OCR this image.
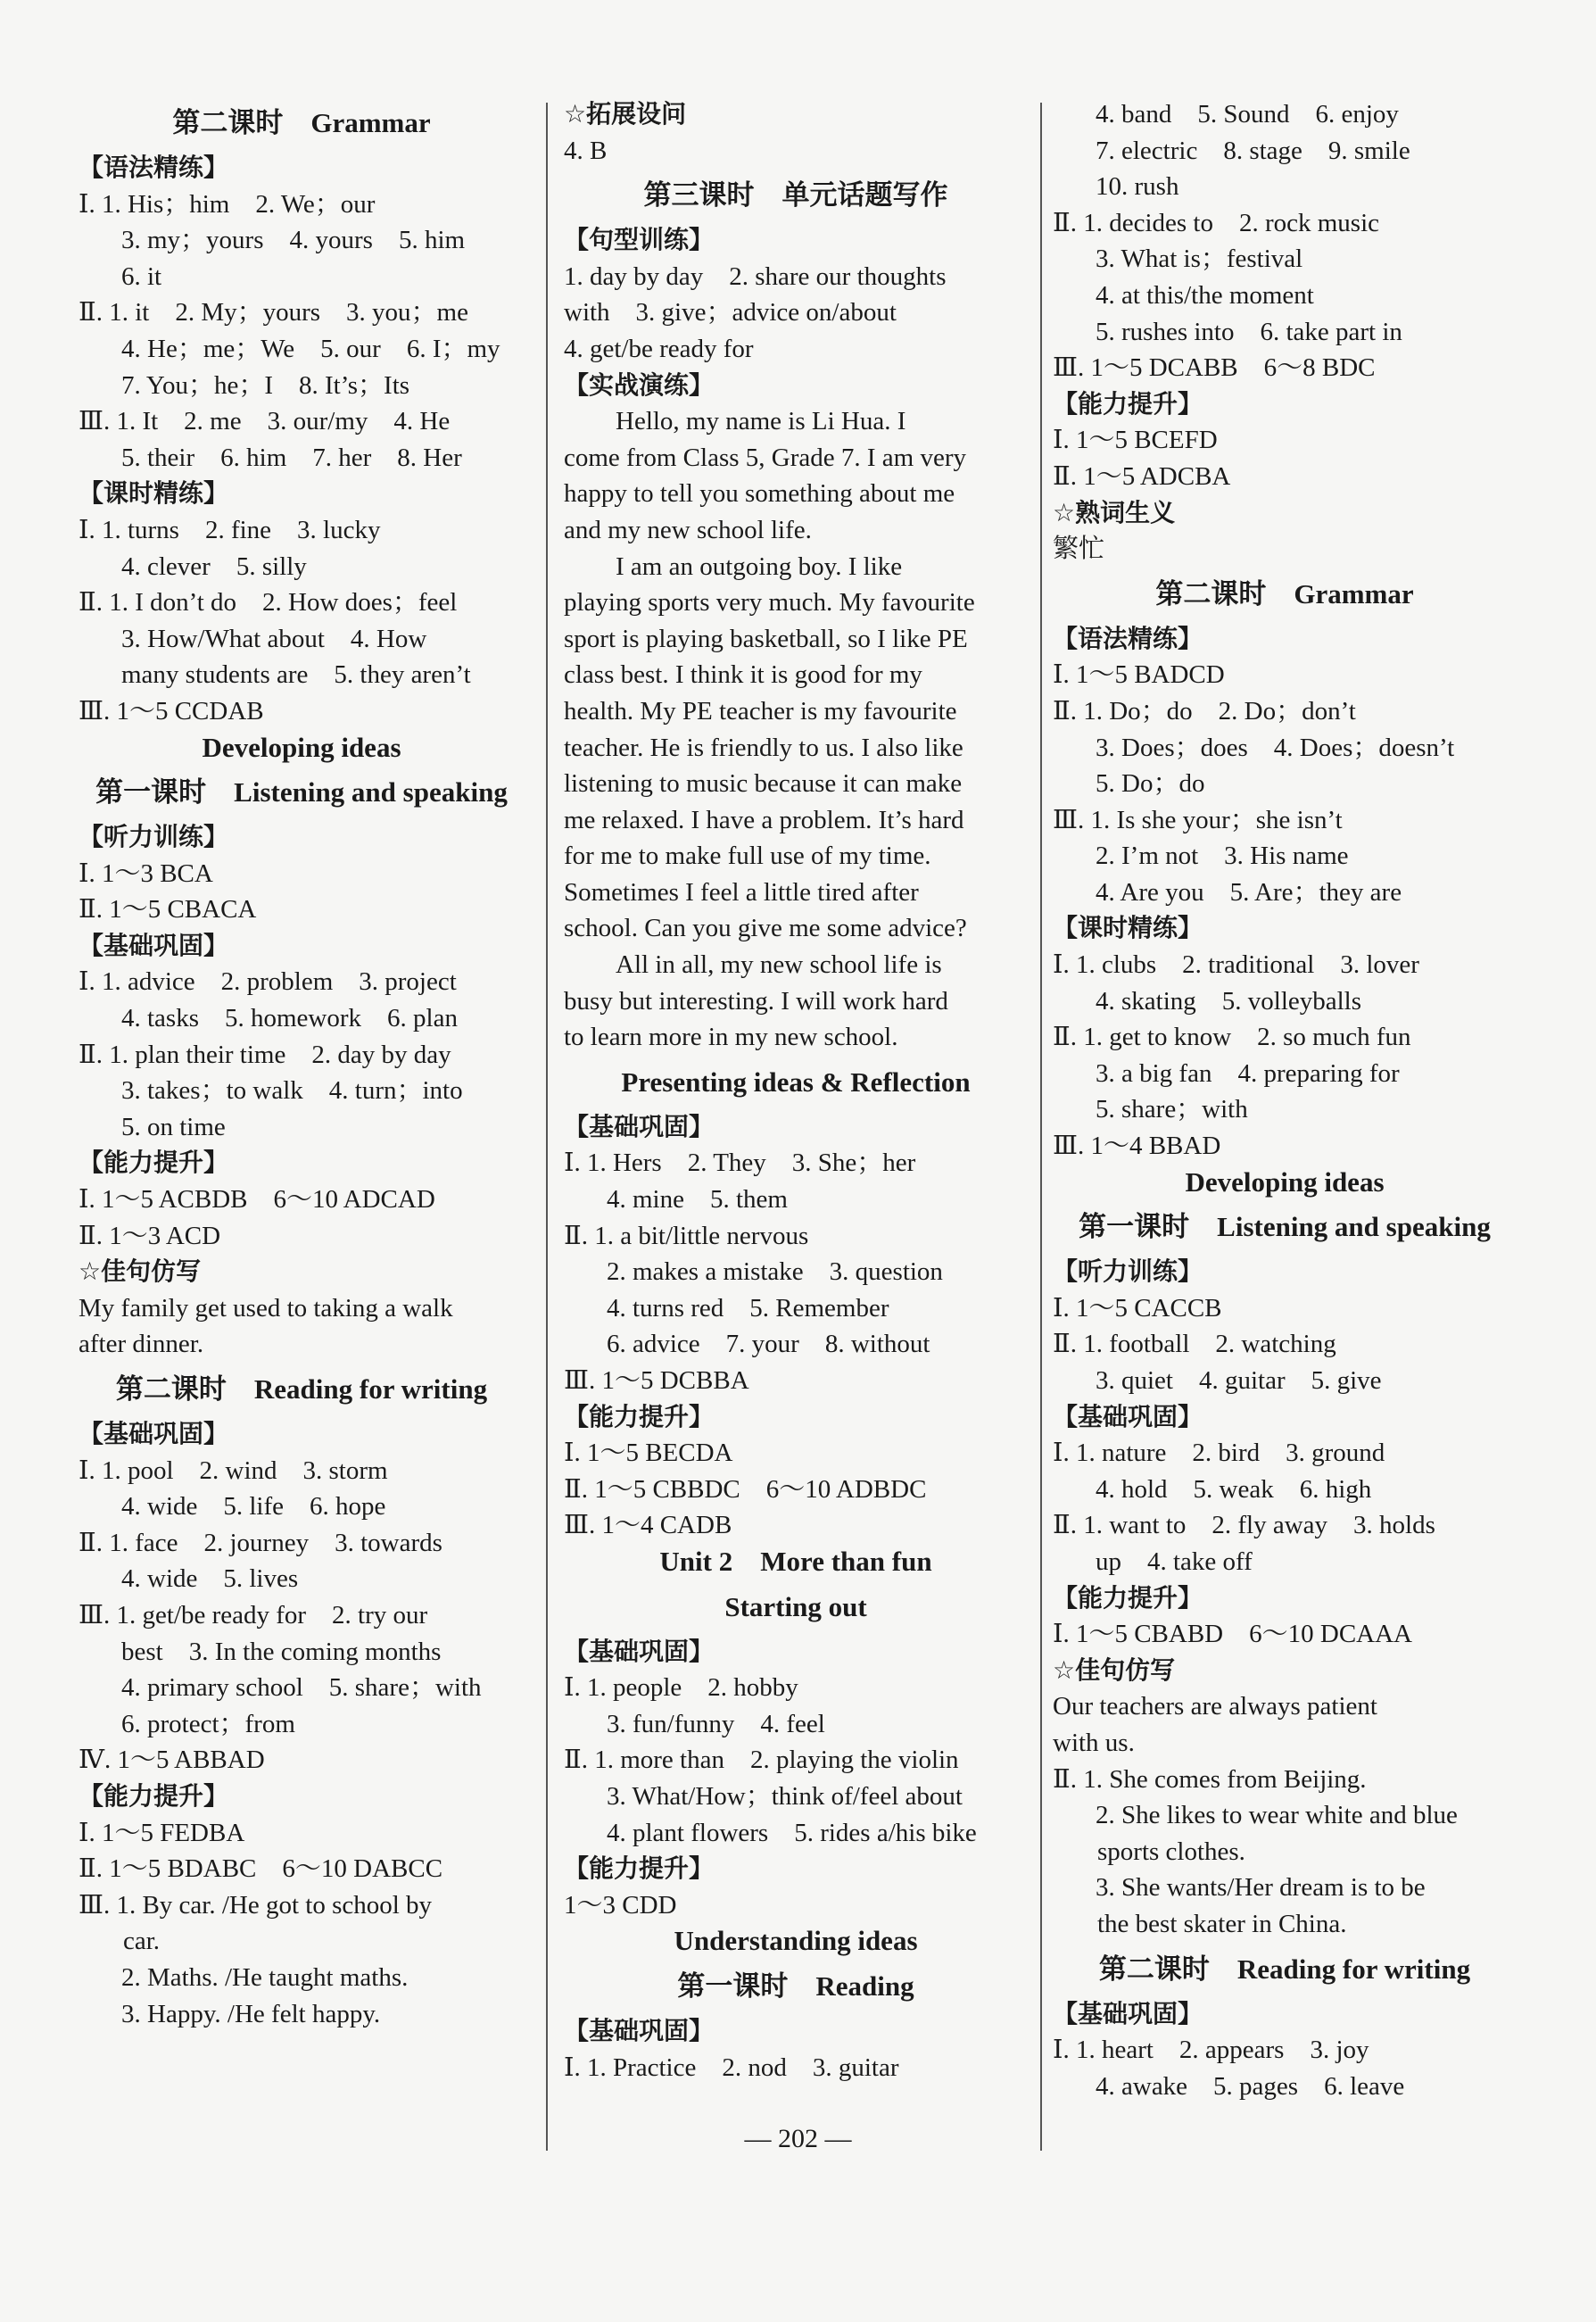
第二课时　Grammar
【语法精练】
Ⅰ. 1. His；him　2. We；our
3. my；yours　4. yours　5. him
6. it
Ⅱ. 1. it　2. My；yours　3. you；me
4. He；me；We　5. our　6. I；my
7. You；he；I　8. It’s；Its
Ⅲ. 1. It　2. me　3. our/my　4. He
5. their　6. him　7. her　8. Her
【课时精练】
Ⅰ. 1. turns　2. fine　3. lucky
4. clever　5. silly
Ⅱ. 1. I don’t do　2. How does；feel
3. How/What about　4. How
many students are　5. they aren’t
Ⅲ. 1～5 CCDAB
Developing ideas
第一课时　Listening and speaking
【听力训练】
Ⅰ. 1～3 BCA
Ⅱ. 1～5 CBACA
【基础巩固】
Ⅰ. 1. advice　2. problem　3. project
4. tasks　5. homework　6. plan
Ⅱ. 1. plan their time　2. day by day
3. takes；to walk　4. turn；into
5. on time
【能力提升】
Ⅰ. 1～5 ACBDB　6～10 ADCAD
Ⅱ. 1～3 ACD
☆佳句仿写
My family get used to taking a walk
after dinner.
第二课时　Reading for writing
【基础巩固】
Ⅰ. 1. pool　2. wind　3. storm
4. wide　5. life　6. hope
Ⅱ. 1. face　2. journey　3. towards
4. wide　5. lives
Ⅲ. 1. get/be ready for　2. try our
best　3. In the coming months
4. primary school　5. share；with
6. protect；from
Ⅳ. 1～5 ABBAD
【能力提升】
Ⅰ. 1～5 FEDBA
Ⅱ. 1～5 BDABC　6～10 DABCC
Ⅲ. 1. By car. /He got to school by
car.
2. Maths. /He taught maths.
3. Happy. /He felt happy.
☆拓展设问
4. B
第三课时　单元话题写作
【句型训练】
1. day by day　2. share our thoughts
with　3. give；advice on/about
4. get/be ready for
【实战演练】
　　Hello, my name is Li Hua. I
come from Class 5, Grade 7. I am very
happy to tell you something about me
and my new school life.
　　I am an outgoing boy. I like
playing sports very much. My favourite
sport is playing basketball, so I like PE
class best. I think it is good for my
health. My PE teacher is my favourite
teacher. He is friendly to us. I also like
listening to music because it can make
me relaxed. I have a problem. It’s hard
for me to make full use of my time.
Sometimes I feel a little tired after
school. Can you give me some advice?
　　All in all, my new school life is
busy but interesting. I will work hard
to learn more in my new school.
Presenting ideas & Reflection
【基础巩固】
Ⅰ. 1. Hers　2. They　3. She；her
4. mine　5. them
Ⅱ. 1. a bit/little nervous
2. makes a mistake　3. question
4. turns red　5. Remember
6. advice　7. your　8. without
Ⅲ. 1～5 DCBBA
【能力提升】
Ⅰ. 1～5 BECDA
Ⅱ. 1～5 CBBDC　6～10 ADBDC
Ⅲ. 1～4 CADB
Unit 2　More than fun
Starting out
【基础巩固】
Ⅰ. 1. people　2. hobby
3. fun/funny　4. feel
Ⅱ. 1. more than　2. playing the violin
3. What/How；think of/feel about
4. plant flowers　5. rides a/his bike
【能力提升】
1～3 CDD
Understanding ideas
第一课时　Reading
【基础巩固】
Ⅰ. 1. Practice　2. nod　3. guitar
4. band　5. Sound　6. enjoy
7. electric　8. stage　9. smile
10. rush
Ⅱ. 1. decides to　2. rock music
3. What is；festival
4. at this/the moment
5. rushes into　6. take part in
Ⅲ. 1～5 DCABB　6～8 BDC
【能力提升】
Ⅰ. 1～5 BCEFD
Ⅱ. 1～5 ADCBA
☆熟词生义
繁忙
第二课时　Grammar
【语法精练】
Ⅰ. 1～5 BADCD
Ⅱ. 1. Do；do　2. Do；don’t
3. Does；does　4. Does；doesn’t
5. Do；do
Ⅲ. 1. Is she your；she isn’t
2. I’m not　3. His name
4. Are you　5. Are；they are
【课时精练】
Ⅰ. 1. clubs　2. traditional　3. lover
4. skating　5. volleyballs
Ⅱ. 1. get to know　2. so much fun
3. a big fan　4. preparing for
5. share；with
Ⅲ. 1～4 BBAD
Developing ideas
第一课时　Listening and speaking
【听力训练】
Ⅰ. 1～5 CACCB
Ⅱ. 1. football　2. watching
3. quiet　4. guitar　5. give
【基础巩固】
Ⅰ. 1. nature　2. bird　3. ground
4. hold　5. weak　6. high
Ⅱ. 1. want to　2. fly away　3. holds
up　4. take off
【能力提升】
Ⅰ. 1～5 CBABD　6～10 DCAAA
☆佳句仿写
Our teachers are always patient
with us.
Ⅱ. 1. She comes from Beijing.
2. She likes to wear white and blue
sports clothes.
3. She wants/Her dream is to be
the best skater in China.
第二课时　Reading for writing
【基础巩固】
Ⅰ. 1. heart　2. appears　3. joy
4. awake　5. pages　6. leave
— 202 —
